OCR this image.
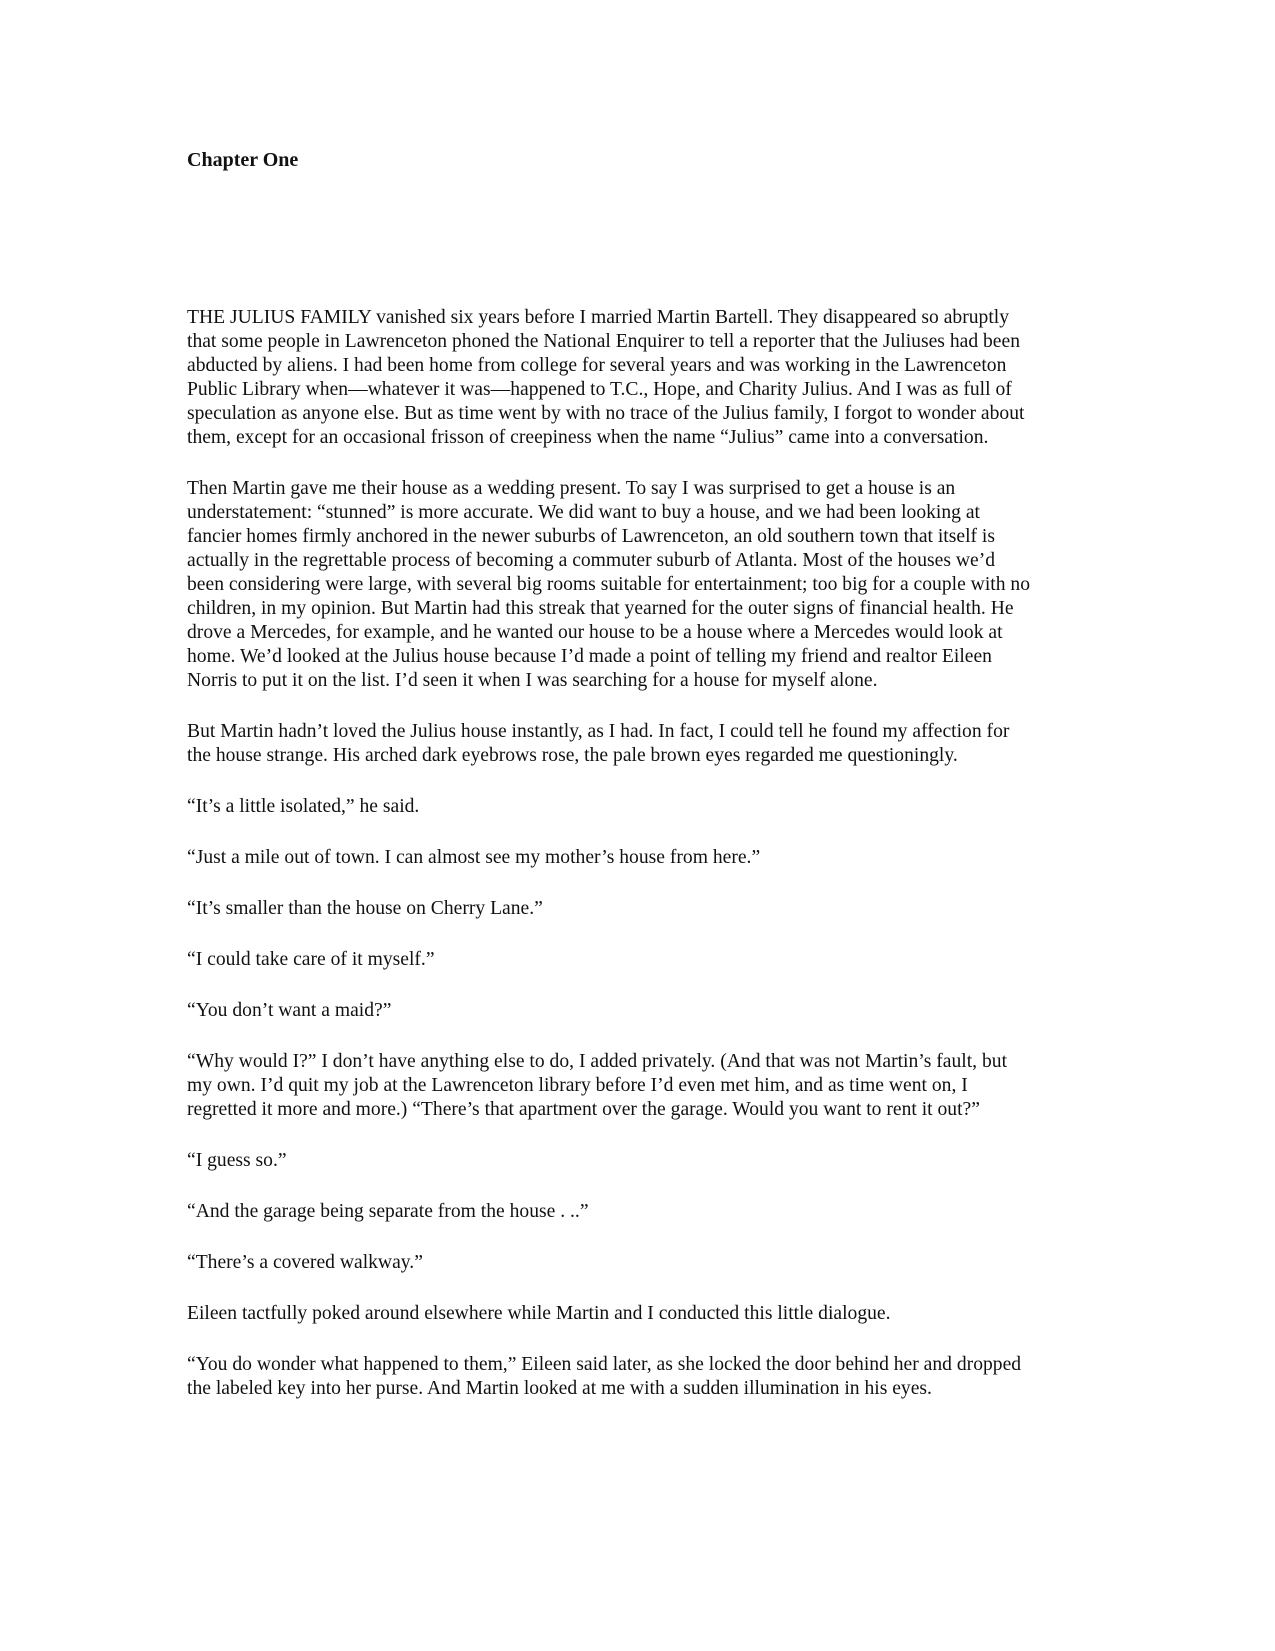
Chapter One

THE JULIUS FAMILY vanished six years before I married Martin Bartell. They disappeared so abruptly
that some people in Lawrenceton phoned the National Enquirer to tell a reporter that the Juliuses had been
abducted by aliens. I had been home from college for several years and was working in the Lawrenceton
Public Library when—whatever it was—happened to T.C., Hope, and Charity Julius. And I was as full of
speculation as anyone else. But as time went by with no trace of the Julius family, I forgot to wonder about
them, except for an occasional frisson of creepiness when the name “Julius” came into a conversation.

Then Martin gave me their house as a wedding present. To say I was surprised to get a house is an
understatement: “stunned” is more accurate. We did want to buy a house, and we had been looking at
fancier homes firmly anchored in the newer suburbs of Lawrenceton, an old southern town that itself is
actually in the regrettable process of becoming a commuter suburb of Atlanta. Most of the houses we’d
been considering were large, with several big rooms suitable for entertainment; too big for a couple with no
children, in my opinion. But Martin had this streak that yearned for the outer signs of financial health. He
drove a Mercedes, for example, and he wanted our house to be a house where a Mercedes would look at
home. We’d looked at the Julius house because I’d made a point of telling my friend and realtor Eileen
Norris to put it on the list. I’d seen it when I was searching for a house for myself alone.

But Martin hadn’t loved the Julius house instantly, as I had. In fact, I could tell he found my affection for
the house strange. His arched dark eyebrows rose, the pale brown eyes regarded me questioningly.

“It’s a little isolated,” he said.

“Just a mile out of town. I can almost see my mother’s house from here.”

“It’s smaller than the house on Cherry Lane.”

“I could take care of it myself.”

“You don’t want a maid?”

“Why would I?” I don’t have anything else to do, I added privately. (And that was not Martin’s fault, but
my own. I’d quit my job at the Lawrenceton library before I’d even met him, and as time went on, I
regretted it more and more.) “There’s that apartment over the garage. Would you want to rent it out?”

“I guess so.”

“And the garage being separate from the house . ..”

“There’s a covered walkway.”

Eileen tactfully poked around elsewhere while Martin and I conducted this little dialogue.

“You do wonder what happened to them,” Eileen said later, as she locked the door behind her and dropped
the labeled key into her purse. And Martin looked at me with a sudden illumination in his eyes.
